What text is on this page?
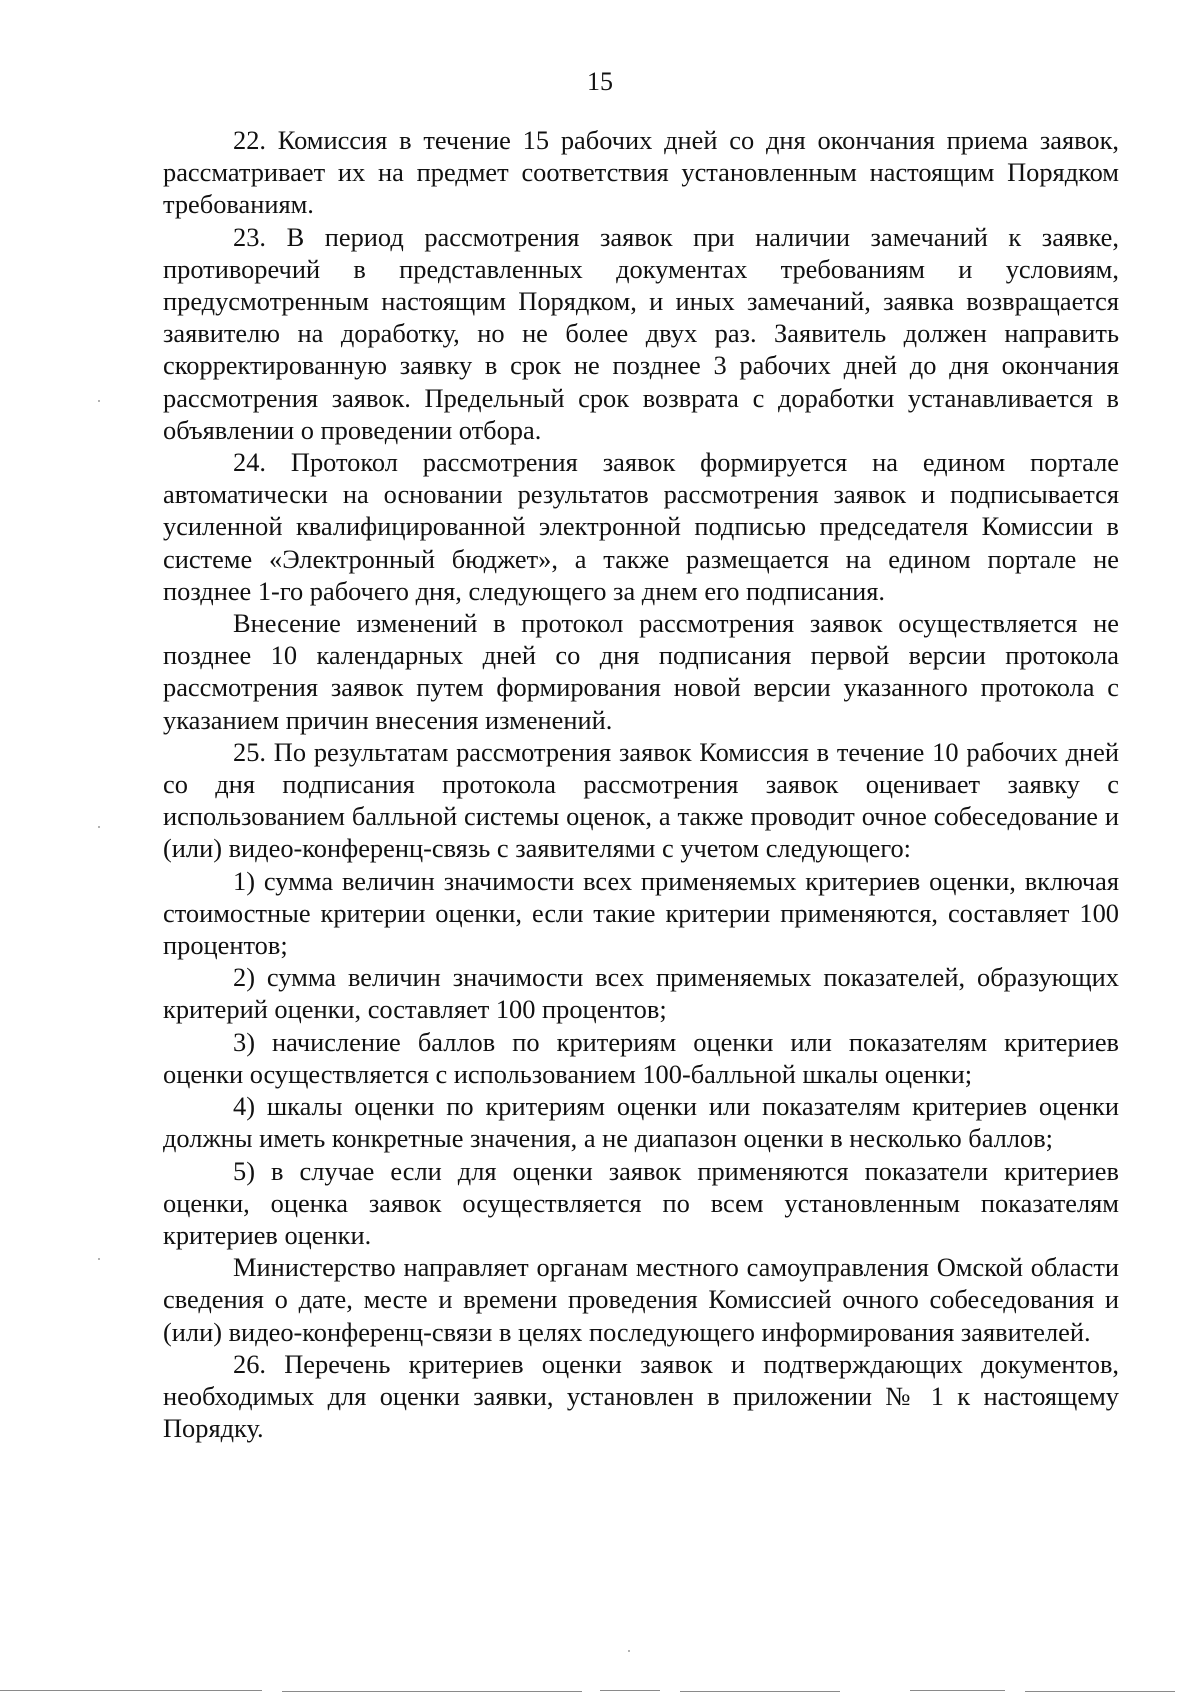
15

22. Комиссия в течение 15 рабочих дней со дня окончания приема заявок, рассматривает их на предмет соответствия установленным настоящим Порядком требованиям.

23. В период рассмотрения заявок при наличии замечаний к заявке, противоречий в представленных документах требованиям и условиям, предусмотренным настоящим Порядком, и иных замечаний, заявка возвращается заявителю на доработку, но не более двух раз. Заявитель должен направить скорректированную заявку в срок не позднее 3 рабочих дней до дня окончания рассмотрения заявок. Предельный срок возврата с доработки устанавливается в объявлении о проведении отбора.

24. Протокол рассмотрения заявок формируется на едином портале автоматически на основании результатов рассмотрения заявок и подписывается усиленной квалифицированной электронной подписью председателя Комиссии в системе «Электронный бюджет», а также размещается на едином портале не позднее 1-го рабочего дня, следующего за днем его подписания.

Внесение изменений в протокол рассмотрения заявок осуществляется не позднее 10 календарных дней со дня подписания первой версии протокола рассмотрения заявок путем формирования новой версии указанного протокола с указанием причин внесения изменений.

25. По результатам рассмотрения заявок Комиссия в течение 10 рабочих дней со дня подписания протокола рассмотрения заявок оценивает заявку с использованием балльной системы оценок, а также проводит очное собеседование и (или) видео-конференц-связь с заявителями с учетом следующего:

1) сумма величин значимости всех применяемых критериев оценки, включая стоимостные критерии оценки, если такие критерии применяются, составляет 100 процентов;

2) сумма величин значимости всех применяемых показателей, образующих критерий оценки, составляет 100 процентов;

3) начисление баллов по критериям оценки или показателям критериев оценки осуществляется с использованием 100-балльной шкалы оценки;

4) шкалы оценки по критериям оценки или показателям критериев оценки должны иметь конкретные значения, а не диапазон оценки в несколько баллов;

5) в случае если для оценки заявок применяются показатели критериев оценки, оценка заявок осуществляется по всем установленным показателям критериев оценки.

Министерство направляет органам местного самоуправления Омской области сведения о дате, месте и времени проведения Комиссией очного собеседования и (или) видео-конференц-связи в целях последующего информирования заявителей.

26. Перечень критериев оценки заявок и подтверждающих документов, необходимых для оценки заявки, установлен в приложении № 1 к настоящему Порядку.
